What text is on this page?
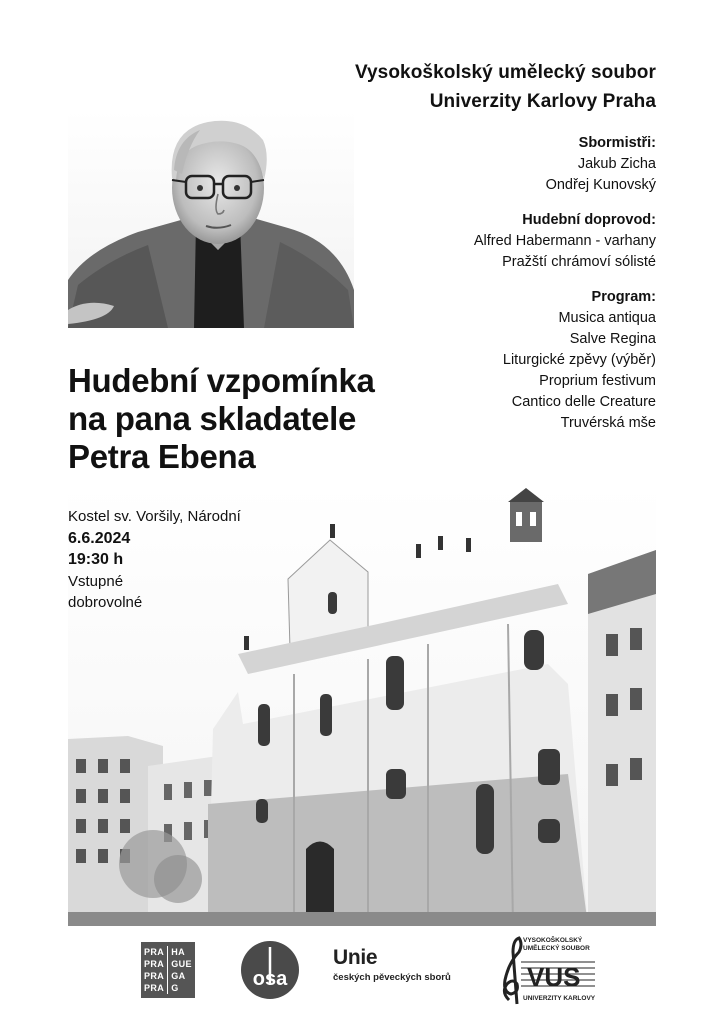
Vysokoškolský umělecký soubor
Univerzity Karlovy Praha
Sbormistři:
Jakub Zicha
Ondřej Kunovský
Hudební doprovod:
Alfred Habermann - varhany
Pražští chrámoví sólisté
Program:
Musica antiqua
Salve Regina
Liturgické zpěvy (výběr)
Proprium festivum
Cantico delle Creature
Truvérská mše
Hudební vzpomínka
na pana skladatele
Petra Ebena
Kostel sv. Voršily, Národní
6.6.2024
19:30 h
Vstupné
dobrovolné
PRA HA
PRA GUE
PRA GA
PRA G	osa
Unie
českých pěveckých sborů
VYSOKOŠKOLSKÝ
UMĚLECKÝ SOUBOR
VUS
UNIVERZITY KARLOVY
